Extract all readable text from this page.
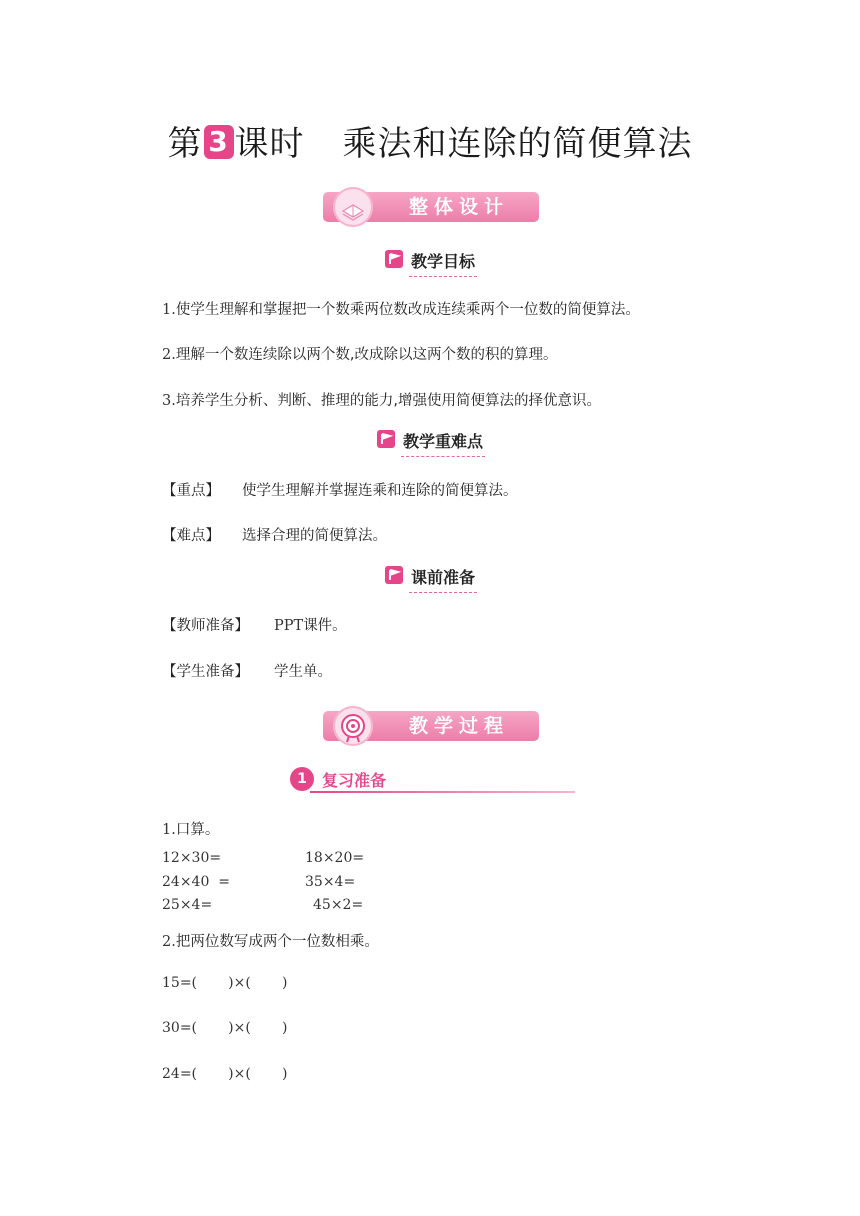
第 3 课时 乘法和连除的简便算法
整体设计
教学目标
1.使学生理解和掌握把一个数乘两位数改成连续乘两个一位数的简便算法。
2.理解一个数连续除以两个数,改成除以这两个数的积的算理。
3.培养学生分析、判断、推理的能力,增强使用简便算法的择优意识。
教学重难点
【重点】 使学生理解并掌握连乘和连除的简便算法。
【难点】 选择合理的简便算法。
课前准备
【教师准备】 PPT课件。
【学生准备】 学生单。
教学过程
1 复习准备
1.口算。
12×30=	18×20=
24×40  =	35×4=
25×4=	45×2=
2.把两位数写成两个一位数相乘。
15=(       )×(       )
30=(       )×(       )
24=(       )×(       )
